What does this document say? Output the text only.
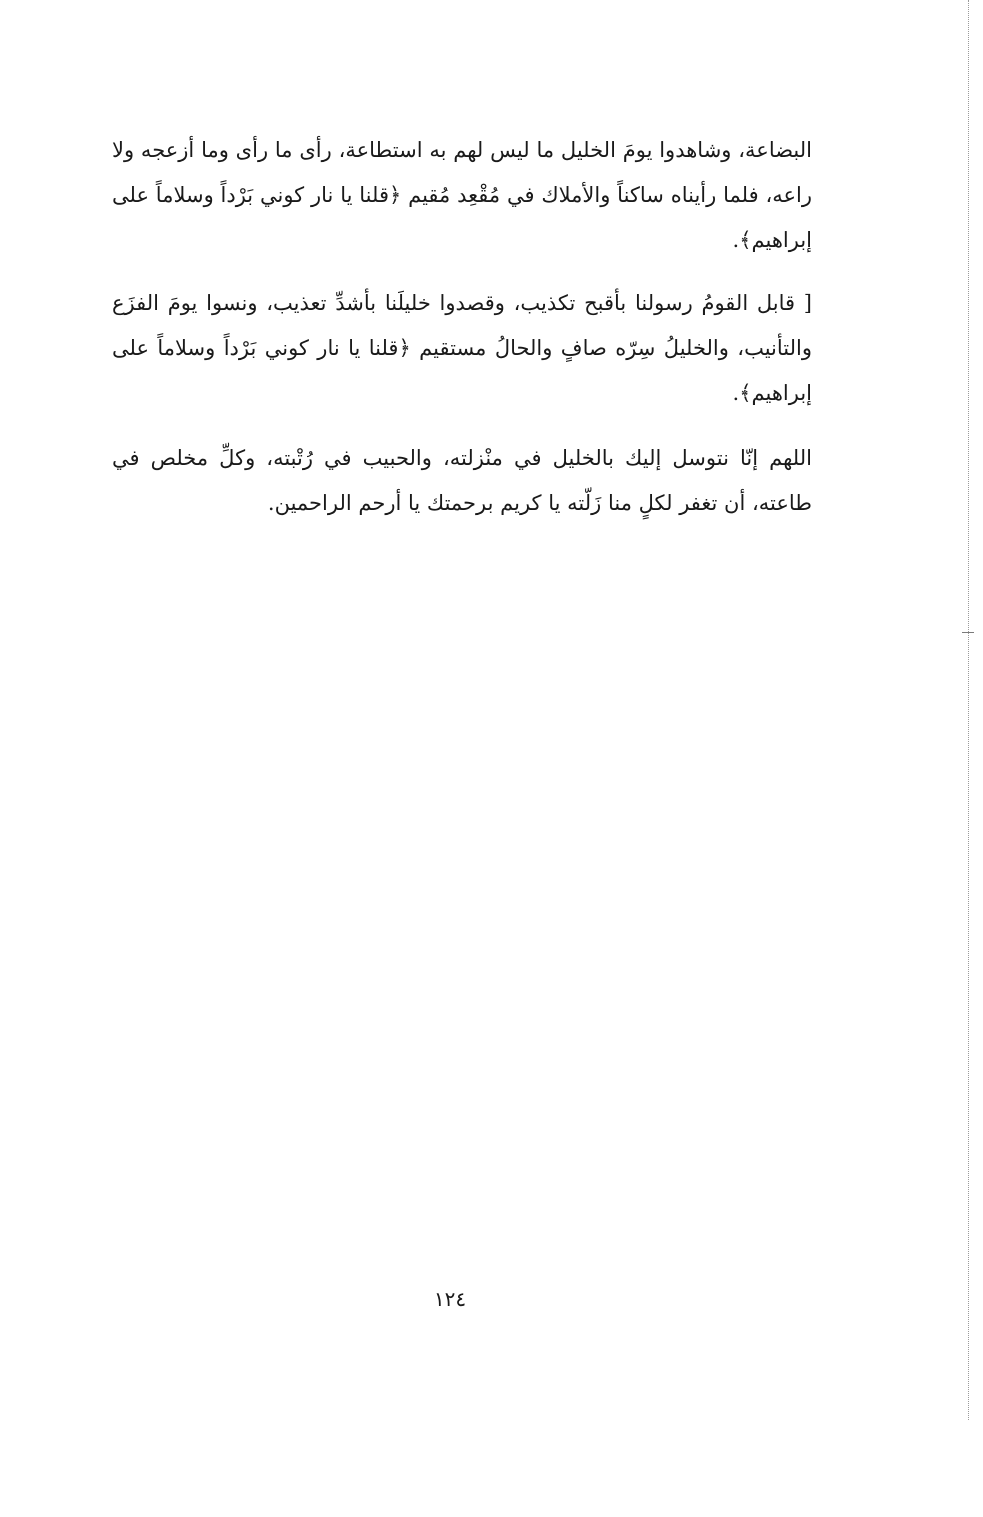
البضاعة، وشاهدوا يومَ الخليل ما ليس لهم به استطاعة، رأى ما رأى وما أزعجه ولا راعه، فلما رأيناه ساكناً والأملاك في مُقْعِد مُقيم ﴿قلنا يا نار كوني بَرْداً وسلاماً على إبراهيم﴾.

[ قابل القومُ رسولنا بأقبح تكذيب، وقصدوا خليلَنا بأشدِّ تعذيب، ونسوا يومَ الفزَع والتأنيب، والخليلُ سِرّه صافٍ والحالُ مستقيم ﴿قلنا يا نار كوني بَرْداً وسلاماً على إبراهيم﴾.

اللهم إنّا نتوسل إليك بالخليل في منْزلته، والحبيب في رُتْبته، وكلِّ مخلص في طاعته، أن تغفر لكلٍ منا زَلّته يا كريم برحمتك يا أرحم الراحمين.

١٢٤
